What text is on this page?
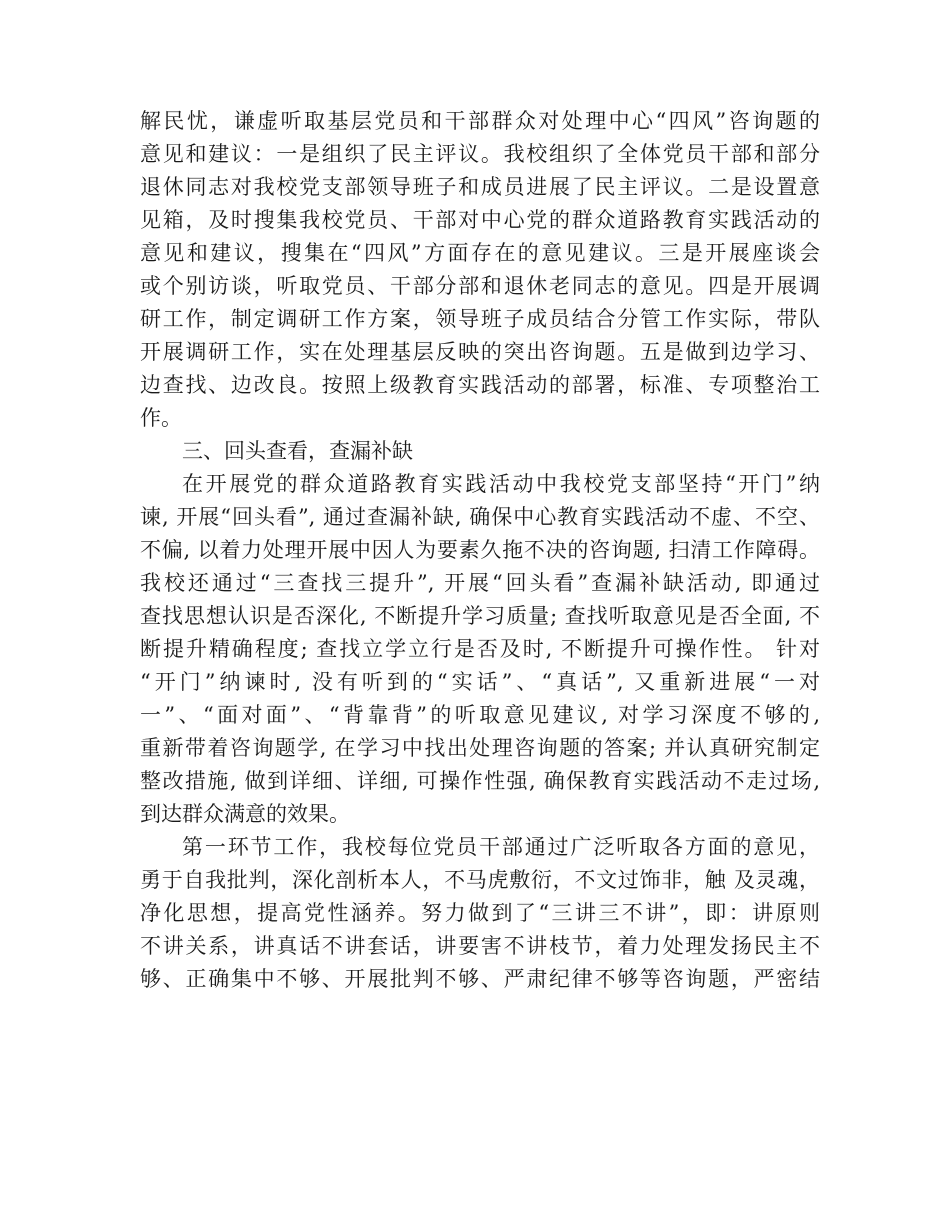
解民忧，谦虚听取基层党员和干部群众对处理中心“四风”咨询题的
意见和建议：一是组织了民主评议。我校组织了全体党员干部和部分
退休同志对我校党支部领导班子和成员进展了民主评议。二是设置意
见箱，及时搜集我校党员、干部对中心党的群众道路教育实践活动的
意见和建议，搜集在“四风”方面存在的意见建议。三是开展座谈会
或个别访谈，听取党员、干部分部和退休老同志的意见。四是开展调
研工作，制定调研工作方案，领导班子成员结合分管工作实际，带队
开展调研工作，实在处理基层反映的突出咨询题。五是做到边学习、
边查找、边改良。按照上级教育实践活动的部署，标准、专项整治工
作。
三、回头查看，查漏补缺
在开展党的群众道路教育实践活动中我校党支部坚持“开门”纳
谏, 开展“回头看”, 通过查漏补缺, 确保中心教育实践活动不虚、不空、
不偏, 以着力处理开展中因人为要素久拖不决的咨询题, 扫清工作障碍。
我校还通过“三查找三提升”, 开展“回头看”查漏补缺活动, 即通过
查找思想认识是否深化, 不断提升学习质量; 查找听取意见是否全面, 不
断提升精确程度; 查找立学立行是否及时, 不断提升可操作性。 针对
“开门”纳谏时, 没有听到的“实话”、“真话”, 又重新进展“一对
一”、“面对面”、“背靠背”的听取意见建议, 对学习深度不够的,
重新带着咨询题学, 在学习中找出处理咨询题的答案; 并认真研究制定
整改措施, 做到详细、详细, 可操作性强, 确保教育实践活动不走过场,
到达群众满意的效果。
第一环节工作，我校每位党员干部通过广泛听取各方面的意见，
勇于自我批判，深化剖析本人，不马虎敷衍，不文过饰非，触 及灵魂，
净化思想，提高党性涵养。努力做到了“三讲三不讲”，即：讲原则
不讲关系，讲真话不讲套话，讲要害不讲枝节，着力处理发扬民主不
够、正确集中不够、开展批判不够、严肃纪律不够等咨询题，严密结
